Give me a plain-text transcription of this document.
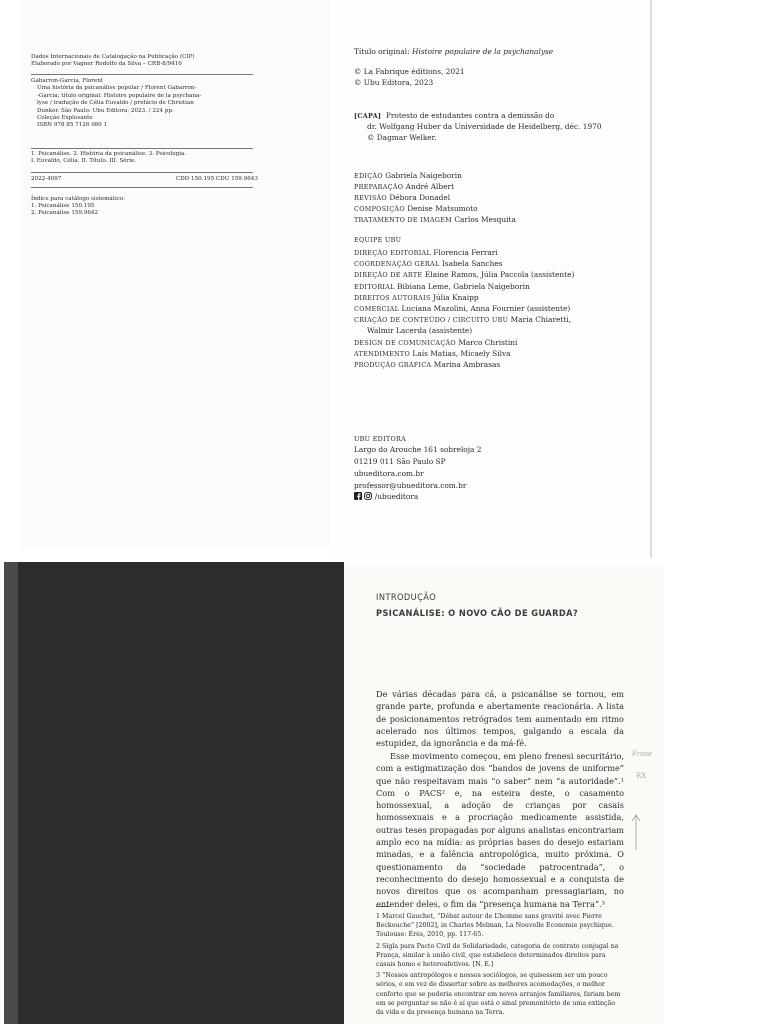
Dados Internacionais de Catalogação na Publicação (CIP)
Elaborado por Vagner Rodolfo da Silva – CRB-8/9410
Gabarron-Garcia, Florent
Uma história da psicanálise popular / Florent Gabarron-
-Garcia; título original: Histoire populaire de la psychana-
lyse / tradução de Célia Euvaldo / prefácio de Christian
Dunker. São Paulo: Ubu Editora, 2023. / 224 pp.
Coleção Explosante
ISBN 978 85 7126 080 1
1. Psicanálise. 2. História da psicanálise. 3. Psicologia.
I. Euvaldo, Célia. II. Título. III. Série.
2022-4097	CDD 150.195 CDU 159.9643
Índice para catálogo sistemático:
1. Psicanálise 150.195
2. Psicanálise 159.9642
Título original: Histoire populaire de la psychanalyse
© La Fabrique éditions, 2021
© Ubu Editora, 2023
[CAPA] Protesto de estudantes contra a demissão do
dr. Wolfgang Huber da Universidade de Heidelberg, déc. 1970
© Dagmar Welker.
EDIÇÃO Gabriela Naigeborin
PREPARAÇÃO André Albert
REVISÃO Débora Donadel
COMPOSIÇÃO Denise Matsumoto
TRATAMENTO DE IMAGEM Carlos Mesquita
EQUIPE UBU
DIREÇÃO EDITORIAL Florencia Ferrari
COORDENAÇÃO GERAL Isabela Sanches
DIREÇÃO DE ARTE Elaine Ramos, Júlia Paccola (assistente)
EDITORIAL Bibiana Leme, Gabriela Naigeborin
DIREITOS AUTORAIS Júlia Knaipp
COMERCIAL Luciana Mazolini, Anna Fournier (assistente)
CRIAÇÃO DE CONTEÚDO / CIRCUITO UBU Maria Chiaretti,
Walmir Lacerda (assistente)
DESIGN DE COMUNICAÇÃO Marco Christini
ATENDIMENTO Laís Matias, Micaely Silva
PRODUÇÃO GRÁFICA Marina Ambrasas
UBU EDITORA
Largo do Arouche 161 sobreloja 2
01219 011 São Paulo SP
ubueditora.com.br
professor@ubueditora.com.br
/ubueditora
INTRODUÇÃO
PSICANÁLISE: O NOVO CÃO DE GUARDA?
De várias décadas para cá, a psicanálise se tornou, em grande parte, profunda e abertamente reacionária. A lista de posicionamentos retrógrados tem aumentado em ritmo acelerado nos últimos tempos, galgando a escala da estupidez, da ignorância e da má-fé.
Esse movimento começou, em pleno frenesi securitário, com a estigmatização dos “bandos de jovens de uniforme” que não respeitavam mais “o saber” nem “a autoridade”.¹ Com o PACS² e, na esteira deste, o casamento homossexual, a adoção de crianças por casais homossexuais e a procriação medicamente assistida, outras teses propagadas por alguns analistas encontrariam amplo eco na mídia: as próprias bases do desejo estariam minadas, e a falência antropológica, muito próxima. O questionamento da “sociedade patrocentrada”, o reconhecimento do desejo homossexual e a conquista de novos direitos que os acompanham pressagiariam, no entender deles, o fim da “presença humana na Terra”.³
1 Marcel Gauchet, “Débat autour de L’homme sans gravité avec Pierre Beckouche” [2002], in Charles Melman, La Nouvelle Economie psychique. Toulouse: Érès, 2010, pp. 117-65.
2 Sigla para Pacto Civil de Solidariedade, categoria de contrato conjugal na França, similar à união civil, que estabelece determinados direitos para casais homo e heteroafetivos. [N. E.]
3 “Nossos antropólogos e nossos sociólogos, se quisessem ser um pouco sérios, e em vez de dissertar sobre as melhores acomodações, o melhor conforto que se poderia encontrar em novos arranjos familiares, fariam bem em se perguntar se não é aí que está o sinal premonitório de uma extinção da vida e da presença humana na Terra.
Frase
RX
